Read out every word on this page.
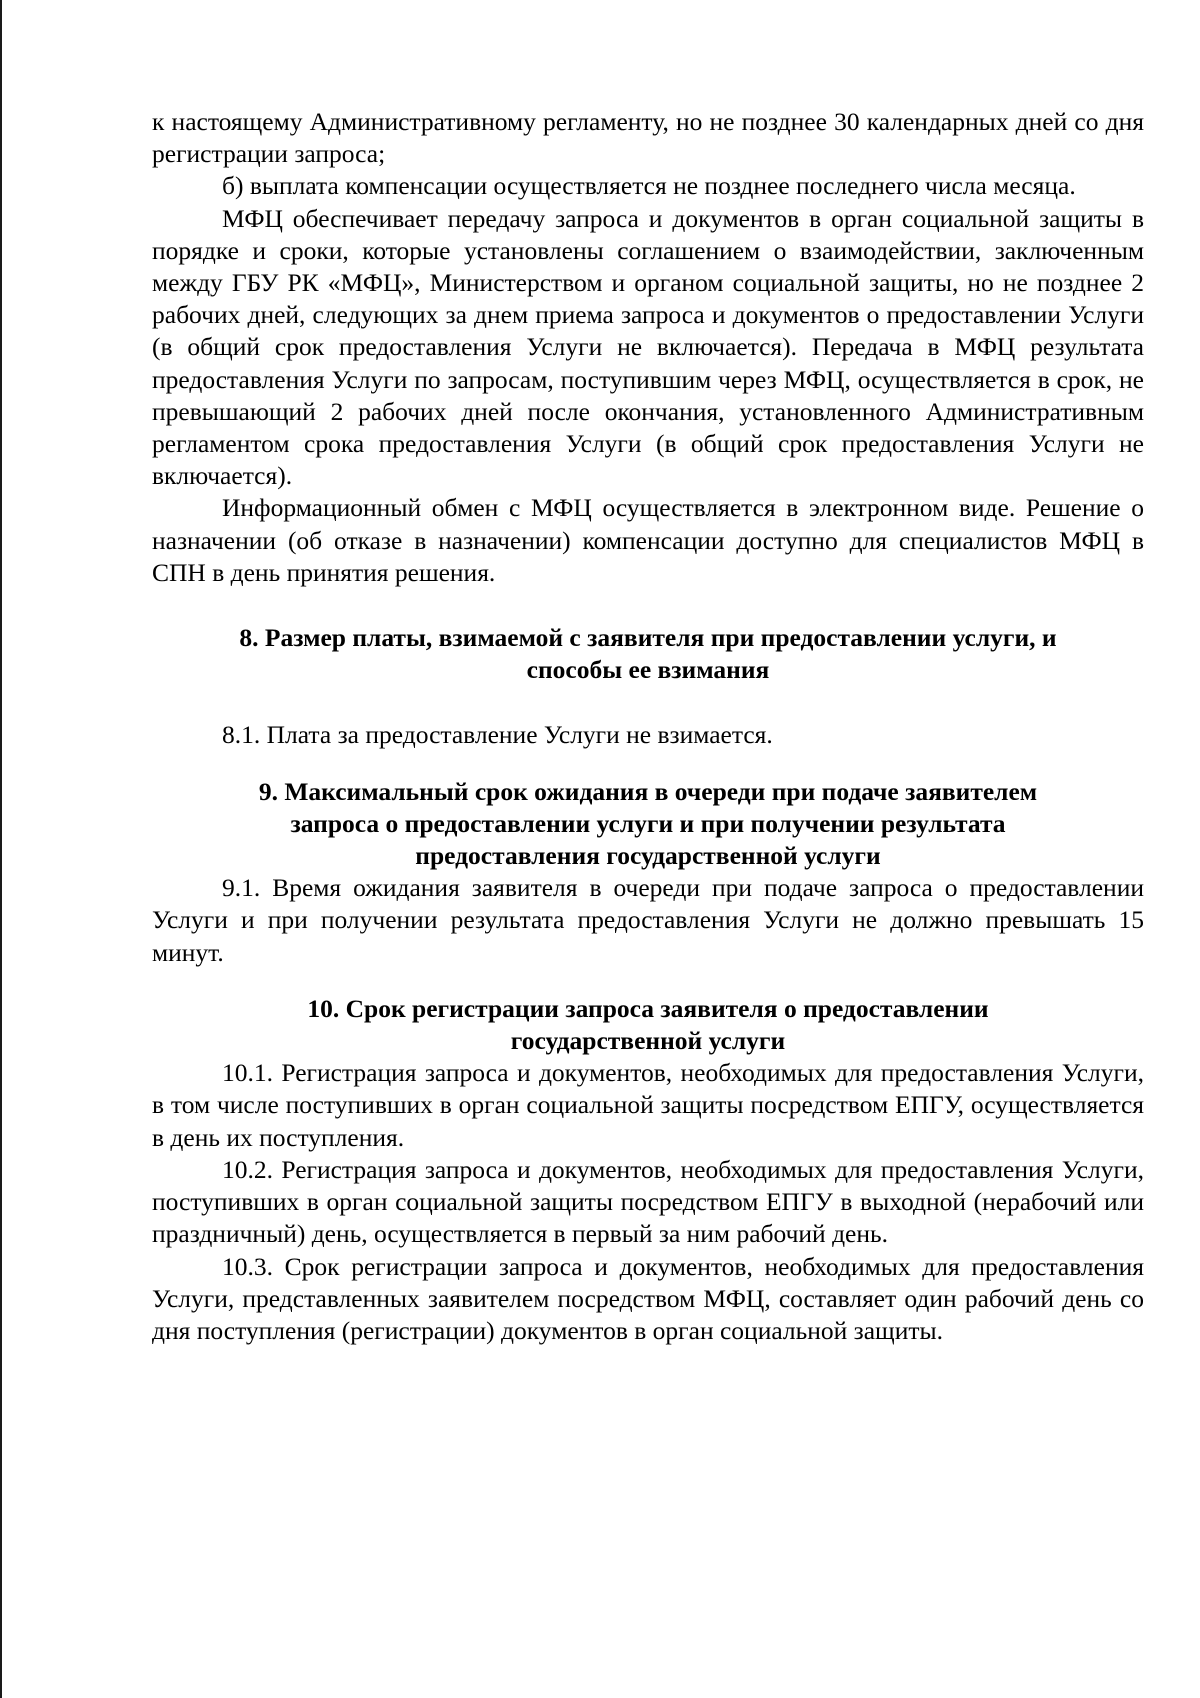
к настоящему Административному регламенту, но не позднее 30 календарных дней со дня регистрации запроса;

б) выплата компенсации осуществляется не позднее последнего числа месяца.

МФЦ обеспечивает передачу запроса и документов в орган социальной защиты в порядке и сроки, которые установлены соглашением о взаимодействии, заключенным между ГБУ РК «МФЦ», Министерством и органом социальной защиты, но не позднее 2 рабочих дней, следующих за днем приема запроса и документов о предоставлении Услуги (в общий срок предоставления Услуги не включается). Передача в МФЦ результата предоставления Услуги по запросам, поступившим через МФЦ, осуществляется в срок, не превышающий 2 рабочих дней после окончания, установленного Административным регламентом срока предоставления Услуги (в общий срок предоставления Услуги не включается).

Информационный обмен с МФЦ осуществляется в электронном виде. Решение о назначении (об отказе в назначении) компенсации доступно для специалистов МФЦ в СПН в день принятия решения.

8. Размер платы, взимаемой с заявителя при предоставлении услуги, и
способы ее взимания

8.1. Плата за предоставление Услуги не взимается.

9. Максимальный срок ожидания в очереди при подаче заявителем
запроса о предоставлении услуги и при получении результата
предоставления государственной услуги

9.1. Время ожидания заявителя в очереди при подаче запроса о предоставлении Услуги и при получении результата предоставления Услуги не должно превышать 15 минут.

10. Срок регистрации запроса заявителя о предоставлении
государственной услуги

10.1. Регистрация запроса и документов, необходимых для предоставления Услуги, в том числе поступивших в орган социальной защиты посредством ЕПГУ, осуществляется в день их поступления.

10.2. Регистрация запроса и документов, необходимых для предоставления Услуги, поступивших в орган социальной защиты посредством ЕПГУ в выходной (нерабочий или праздничный) день, осуществляется в первый за ним рабочий день.

10.3. Срок регистрации запроса и документов, необходимых для предоставления Услуги, представленных заявителем посредством МФЦ, составляет один рабочий день со дня поступления (регистрации) документов в орган социальной защиты.
